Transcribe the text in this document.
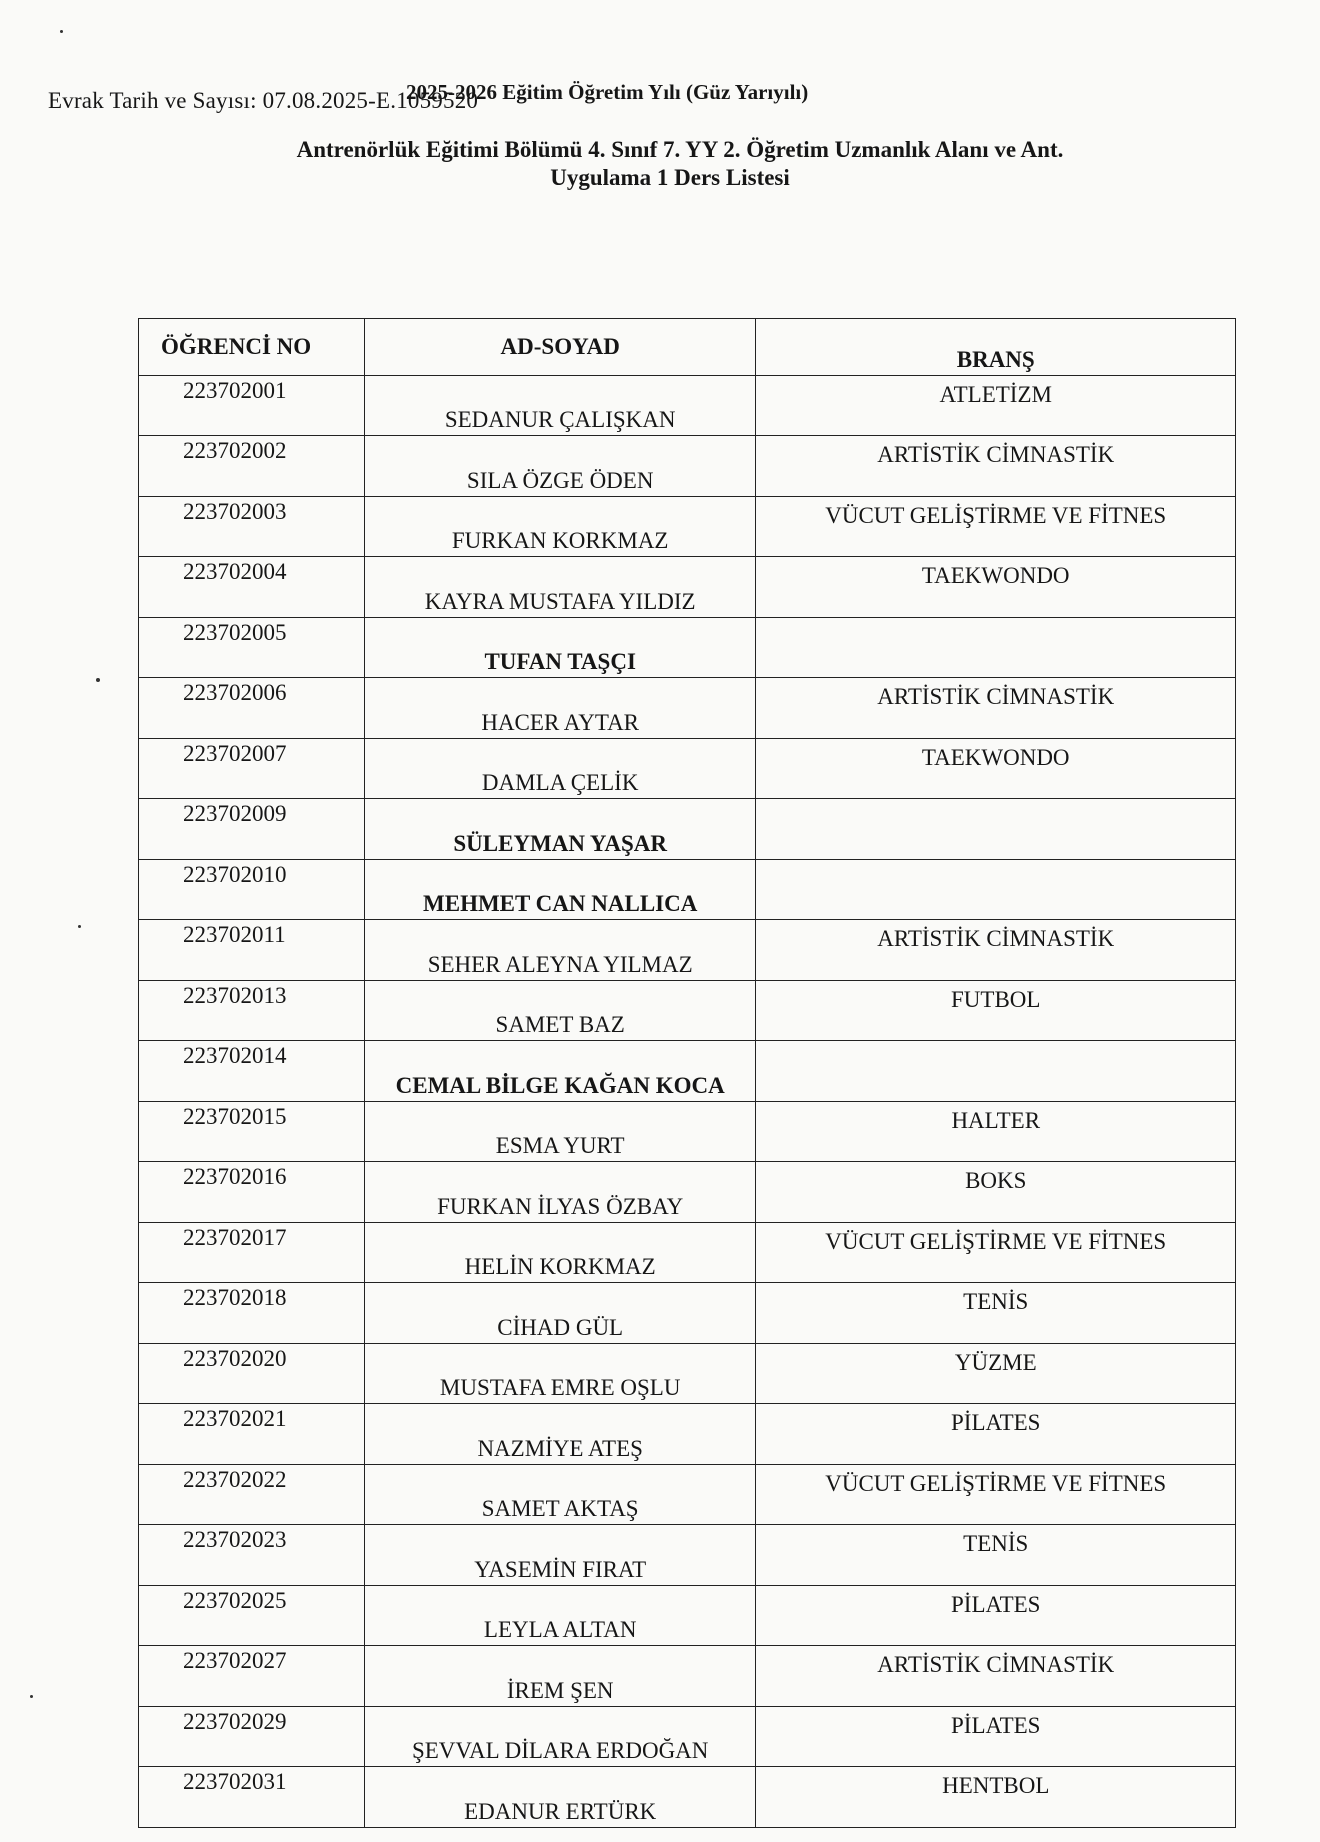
Evrak Tarih ve Sayısı: 07.08.2025-E.1059520
2025-2026 Eğitim Öğretim Yılı (Güz Yarıyılı)
Antrenörlük Eğitimi Bölümü 4. Sınıf 7. YY 2. Öğretim Uzmanlık Alanı ve Ant.
Uygulama 1 Ders Listesi
ÖĞRENCİ NO	AD-SOYAD	BRANŞ
223702001	SEDANUR ÇALIŞKAN	ATLETİZM
223702002	SILA ÖZGE ÖDEN	ARTİSTİK CİMNASTİK
223702003	FURKAN KORKMAZ	VÜCUT GELİŞTİRME VE FİTNES
223702004	KAYRA MUSTAFA YILDIZ	TAEKWONDO
223702005	TUFAN TAŞÇI	
223702006	HACER AYTAR	ARTİSTİK CİMNASTİK
223702007	DAMLA ÇELİK	TAEKWONDO
223702009	SÜLEYMAN YAŞAR	
223702010	MEHMET CAN NALLICA	
223702011	SEHER ALEYNA YILMAZ	ARTİSTİK CİMNASTİK
223702013	SAMET BAZ	FUTBOL
223702014	CEMAL BİLGE KAĞAN KOCA	
223702015	ESMA YURT	HALTER
223702016	FURKAN İLYAS ÖZBAY	BOKS
223702017	HELİN KORKMAZ	VÜCUT GELİŞTİRME VE FİTNES
223702018	CİHAD GÜL	TENİS
223702020	MUSTAFA EMRE OŞLU	YÜZME
223702021	NAZMİYE ATEŞ	PİLATES
223702022	SAMET AKTAŞ	VÜCUT GELİŞTİRME VE FİTNES
223702023	YASEMİN FIRAT	TENİS
223702025	LEYLA ALTAN	PİLATES
223702027	İREM ŞEN	ARTİSTİK CİMNASTİK
223702029	ŞEVVAL DİLARA ERDOĞAN	PİLATES
223702031	EDANUR ERTÜRK	HENTBOL
